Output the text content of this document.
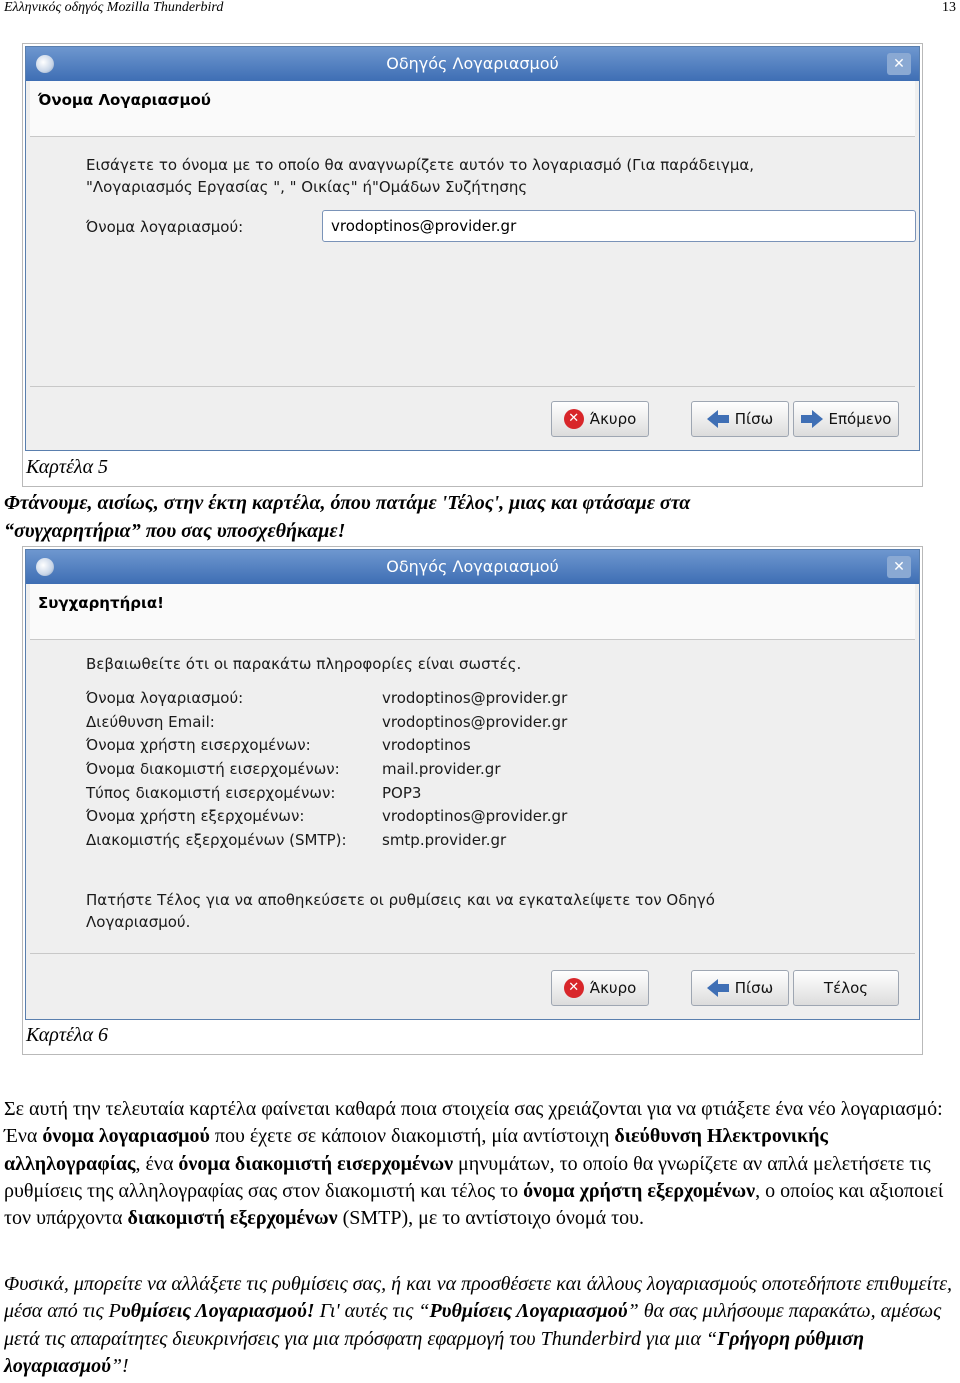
Ελληνικός οδηγός Mozilla Thunderbird	13
Οδηγός Λογαριασμού	✕
Όνομα Λογαριασμού
Εισάγετε το όνομα με το οποίο θα αναγνωρίζετε αυτόν το λογαριασμό (Για παράδειγμα,
"Λογαριασμός Εργασίας ", " Οικίας" ή"Ομάδων Συζήτησης
Όνομα λογαριασμού:	vrodoptinos@provider.gr
✕ Άκυρο	Πίσω	Επόμενο
Καρτέλα 5
Φτάνουμε, αισίως, στην έκτη καρτέλα, όπου πατάμε 'Τέλος', μιας και φτάσαμε στα
“συγχαρητήρια” που σας υποσχεθήκαμε!
Οδηγός Λογαριασμού	✕
Συγχαρητήρια!
Βεβαιωθείτε ότι οι παρακάτω πληροφορίες είναι σωστές.
Όνομα λογαριασμού:	vrodoptinos@provider.gr
Διεύθυνση Email:	vrodoptinos@provider.gr
Όνομα χρήστη εισερχομένων:	vrodoptinos
Όνομα διακομιστή εισερχομένων:	mail.provider.gr
Τύπος διακομιστή εισερχομένων:	POP3
Όνομα χρήστη εξερχομένων:	vrodoptinos@provider.gr
Διακομιστής εξερχομένων (SMTP): smtp.provider.gr
Πατήστε Τέλος για να αποθηκεύσετε οι ρυθμίσεις και να εγκαταλείψετε τον Οδηγό
Λογαριασμού.
✕ Άκυρο	Πίσω	Τέλος
Καρτέλα 6
Σε αυτή την τελευταία καρτέλα φαίνεται καθαρά ποια στοιχεία σας χρειάζονται για να φτιάξετε ένα νέο λογαριασμό: Ένα όνομα λογαριασμού που έχετε σε κάποιον διακομιστή, μία αντίστοιχη διεύθυνση Ηλεκτρονικής αλληλογραφίας, ένα όνομα διακομιστή εισερχομένων μηνυμάτων, το οποίο θα γνωρίζετε αν απλά μελετήσετε τις ρυθμίσεις της αλληλογραφίας σας στον διακομιστή και τέλος το όνομα χρήστη εξερχομένων, ο οποίος και αξιοποιεί τον υπάρχοντα διακομιστή εξερχομένων (SMTP), με το αντίστοιχο όνομά του.
Φυσικά, μπορείτε να αλλάξετε τις ρυθμίσεις σας, ή και να προσθέσετε και άλλους λογαριασμούς οποτεδήποτε επιθυμείτε, μέσα από τις Ρυθμίσεις Λογαριασμού! Γι' αυτές τις “Ρυθμίσεις Λογαριασμού” θα σας μιλήσουμε παρακάτω, αμέσως μετά τις απαραίτητες διευκρινήσεις για μια πρόσφατη εφαρμογή του Thunderbird για μια “Γρήγορη ρύθμιση λογαριασμού”!
